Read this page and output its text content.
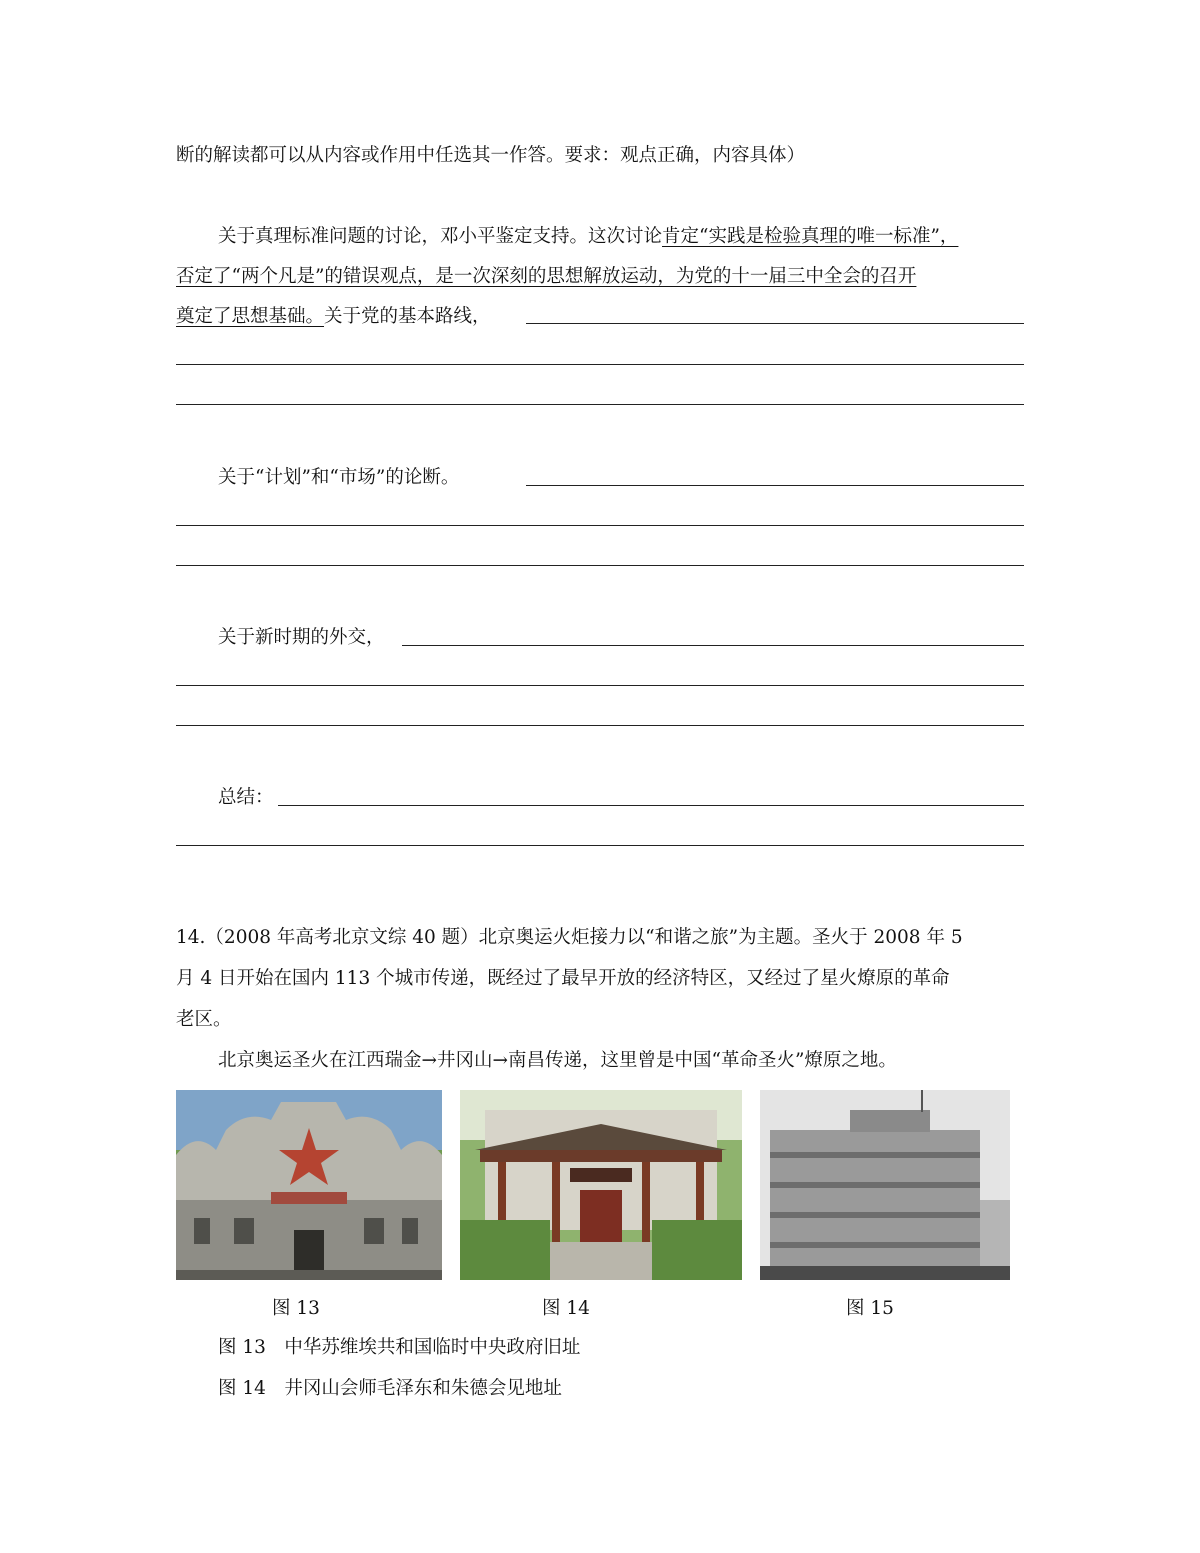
断的解读都可以从内容或作用中任选其一作答。要求：观点正确，内容具体）
关于真理标准问题的讨论，邓小平鉴定支持。这次讨论肯定“实践是检验真理的唯一标准”，
否定了“两个凡是”的错误观点，是一次深刻的思想解放运动，为党的十一届三中全会的召开
奠定了思想基础。关于党的基本路线，
关于“计划”和“市场”的论断。
关于新时期的外交，
总结：
14.（2008 年高考北京文综 40 题）北京奥运火炬接力以“和谐之旅”为主题。圣火于 2008 年 5
月 4 日开始在国内 113 个城市传递，既经过了最早开放的经济特区，又经过了星火燎原的革命
老区。
北京奥运圣火在江西瑞金→井冈山→南昌传递，这里曾是中国“革命圣火”燎原之地。
图 13	图 14	图 15
图 13　中华苏维埃共和国临时中央政府旧址
图 14　井冈山会师毛泽东和朱德会见地址
